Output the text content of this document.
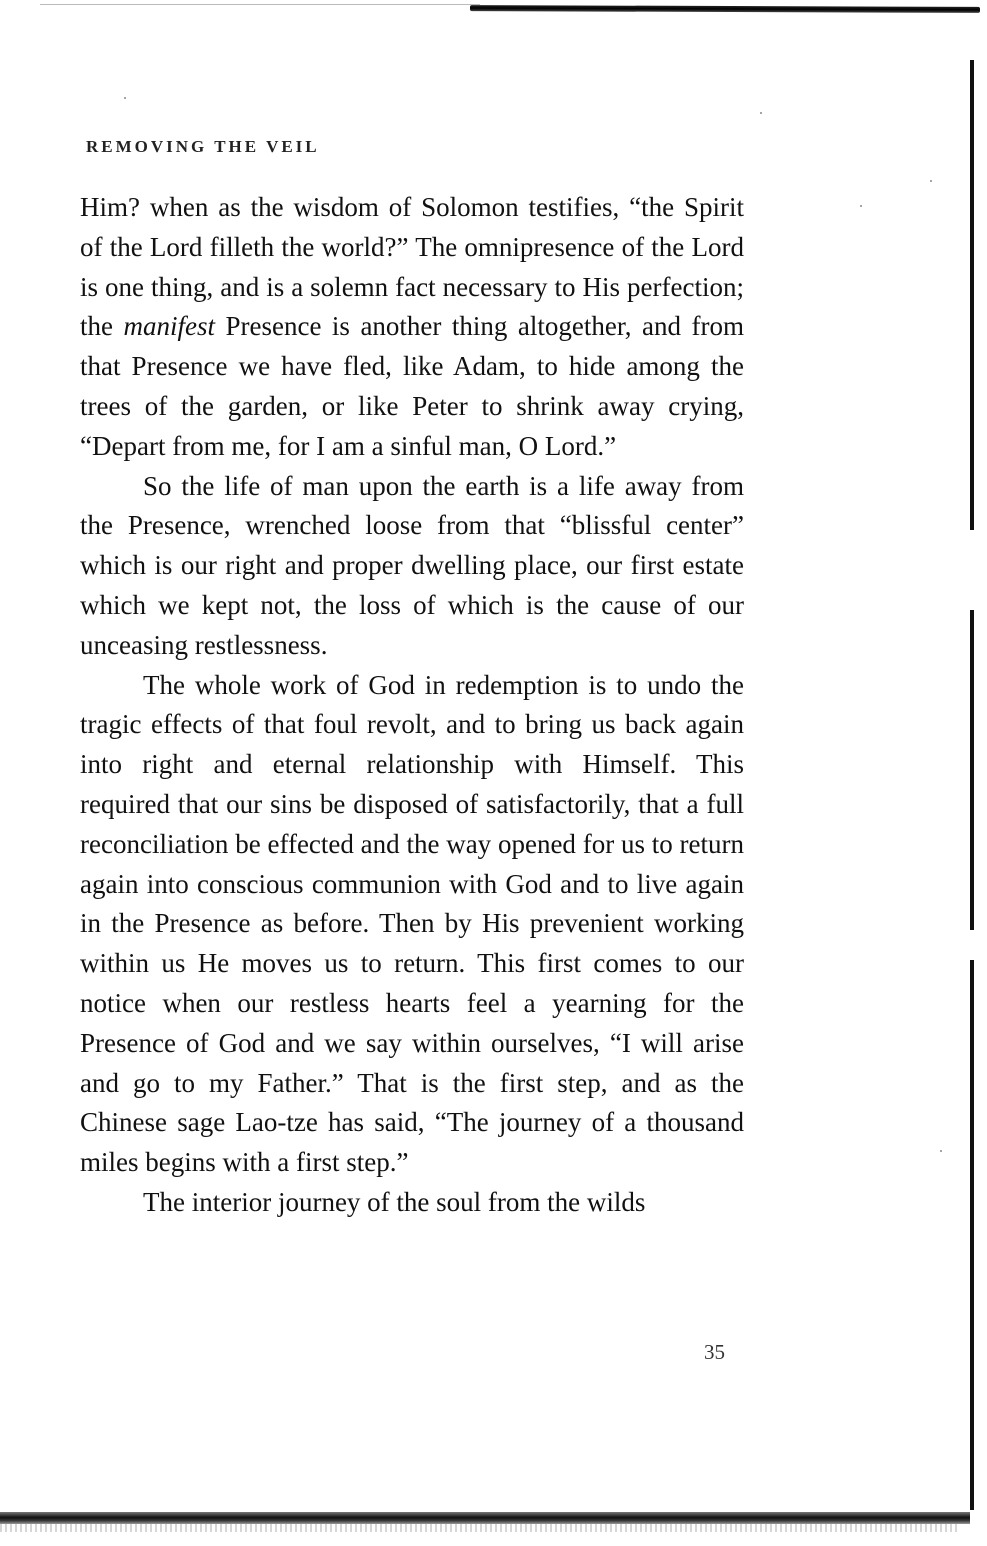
REMOVING THE VEIL

Him? when as the wisdom of Solomon testifies, “the Spirit of the Lord filleth the world?” The omnipresence of the Lord is one thing, and is a solemn fact necessary to His perfection; the manifest Presence is another thing altogether, and from that Presence we have fled, like Adam, to hide among the trees of the garden, or like Peter to shrink away crying, “Depart from me, for I am a sinful man, O Lord.”

So the life of man upon the earth is a life away from the Presence, wrenched loose from that “blissful center” which is our right and proper dwelling place, our first estate which we kept not, the loss of which is the cause of our unceasing restlessness.

The whole work of God in redemption is to undo the tragic effects of that foul revolt, and to bring us back again into right and eternal relationship with Himself. This required that our sins be disposed of satisfactorily, that a full reconciliation be effected and the way opened for us to return again into conscious communion with God and to live again in the Presence as before. Then by His prevenient working within us He moves us to return. This first comes to our notice when our restless hearts feel a yearning for the Presence of God and we say within ourselves, “I will arise and go to my Father.” That is the first step, and as the Chinese sage Lao-tze has said, “The journey of a thousand miles begins with a first step.”

The interior journey of the soul from the wilds

35
